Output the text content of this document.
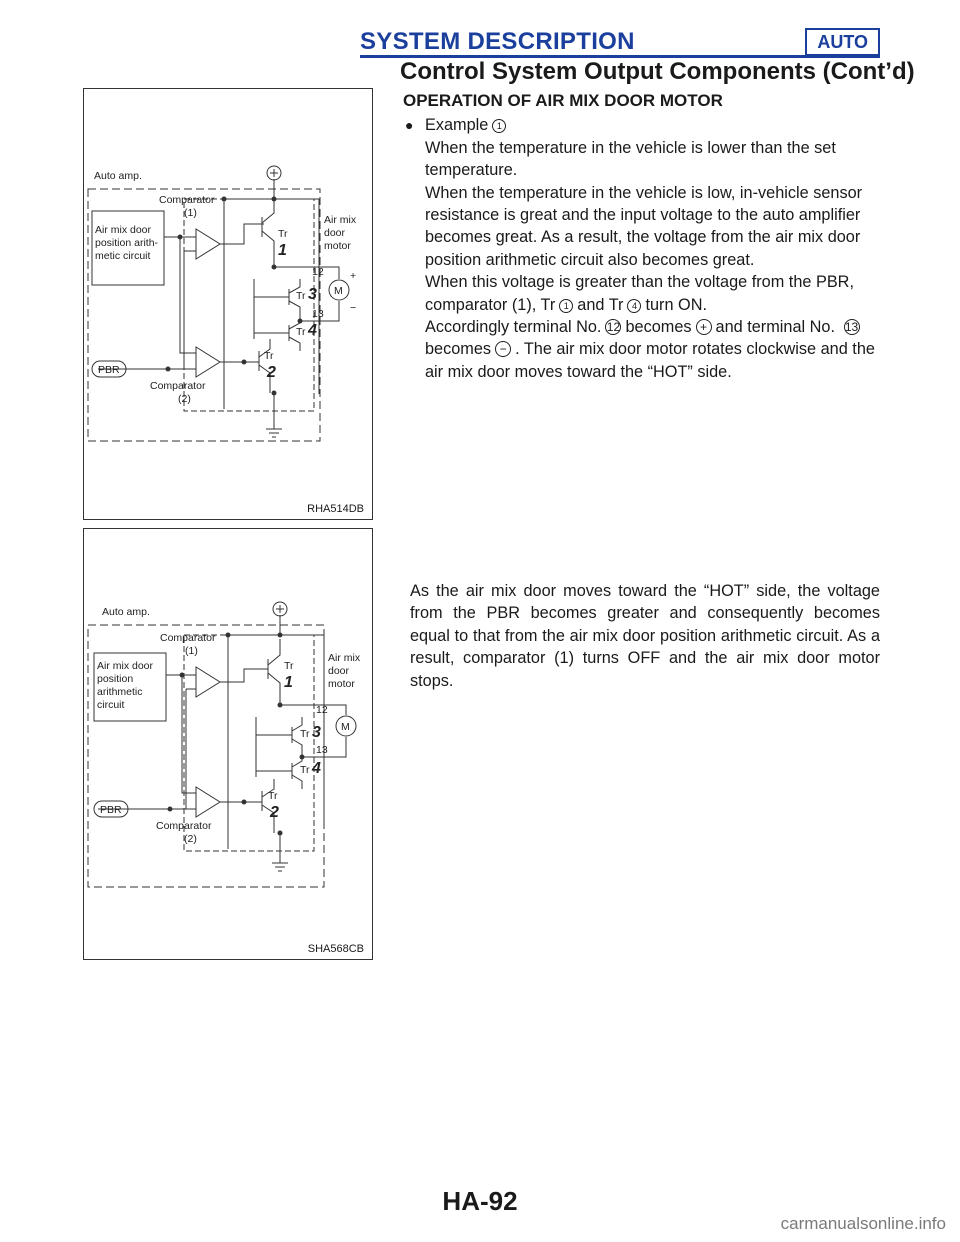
SYSTEM DESCRIPTION	AUTO
Control System Output Components (Cont’d)
Auto amp.
Comparator
(1)
Air mix door
position arith-
metic circuit
Air mix
door
motor
PBR
Comparator
(2)
Tr
1
Tr
2
Tr 3
Tr 4
12
13
M
+
−
RHA514DB
Auto amp.
Comparator
(1)
Air mix door
position
arithmetic
circuit
Air mix
door
motor
PBR
Comparator
(2)
Tr
1
Tr
2
Tr 3
Tr 4
12
13
M
SHA568CB
OPERATION OF AIR MIX DOOR MOTOR
● Example 1
When the temperature in the vehicle is lower than the set temperature.
When the temperature in the vehicle is low, in-vehicle sensor resistance is great and the input voltage to the auto amplifier becomes great. As a result, the voltage from the air mix door position arithmetic circuit also becomes great.
When this voltage is greater than the voltage from the PBR, comparator (1), Tr 1 and Tr 4 turn ON.
Accordingly terminal No. 12 becomes + and terminal No. 13becomes − . The air mix door motor rotates clockwise and the air mix door moves toward the “HOT” side.
As the air mix door moves toward the “HOT” side, the voltage from the PBR becomes greater and consequently becomes equal to that from the air mix door position arithmetic circuit. As a result, comparator (1) turns OFF and the air mix door motor stops.
HA-92
carmanualsonline.info
